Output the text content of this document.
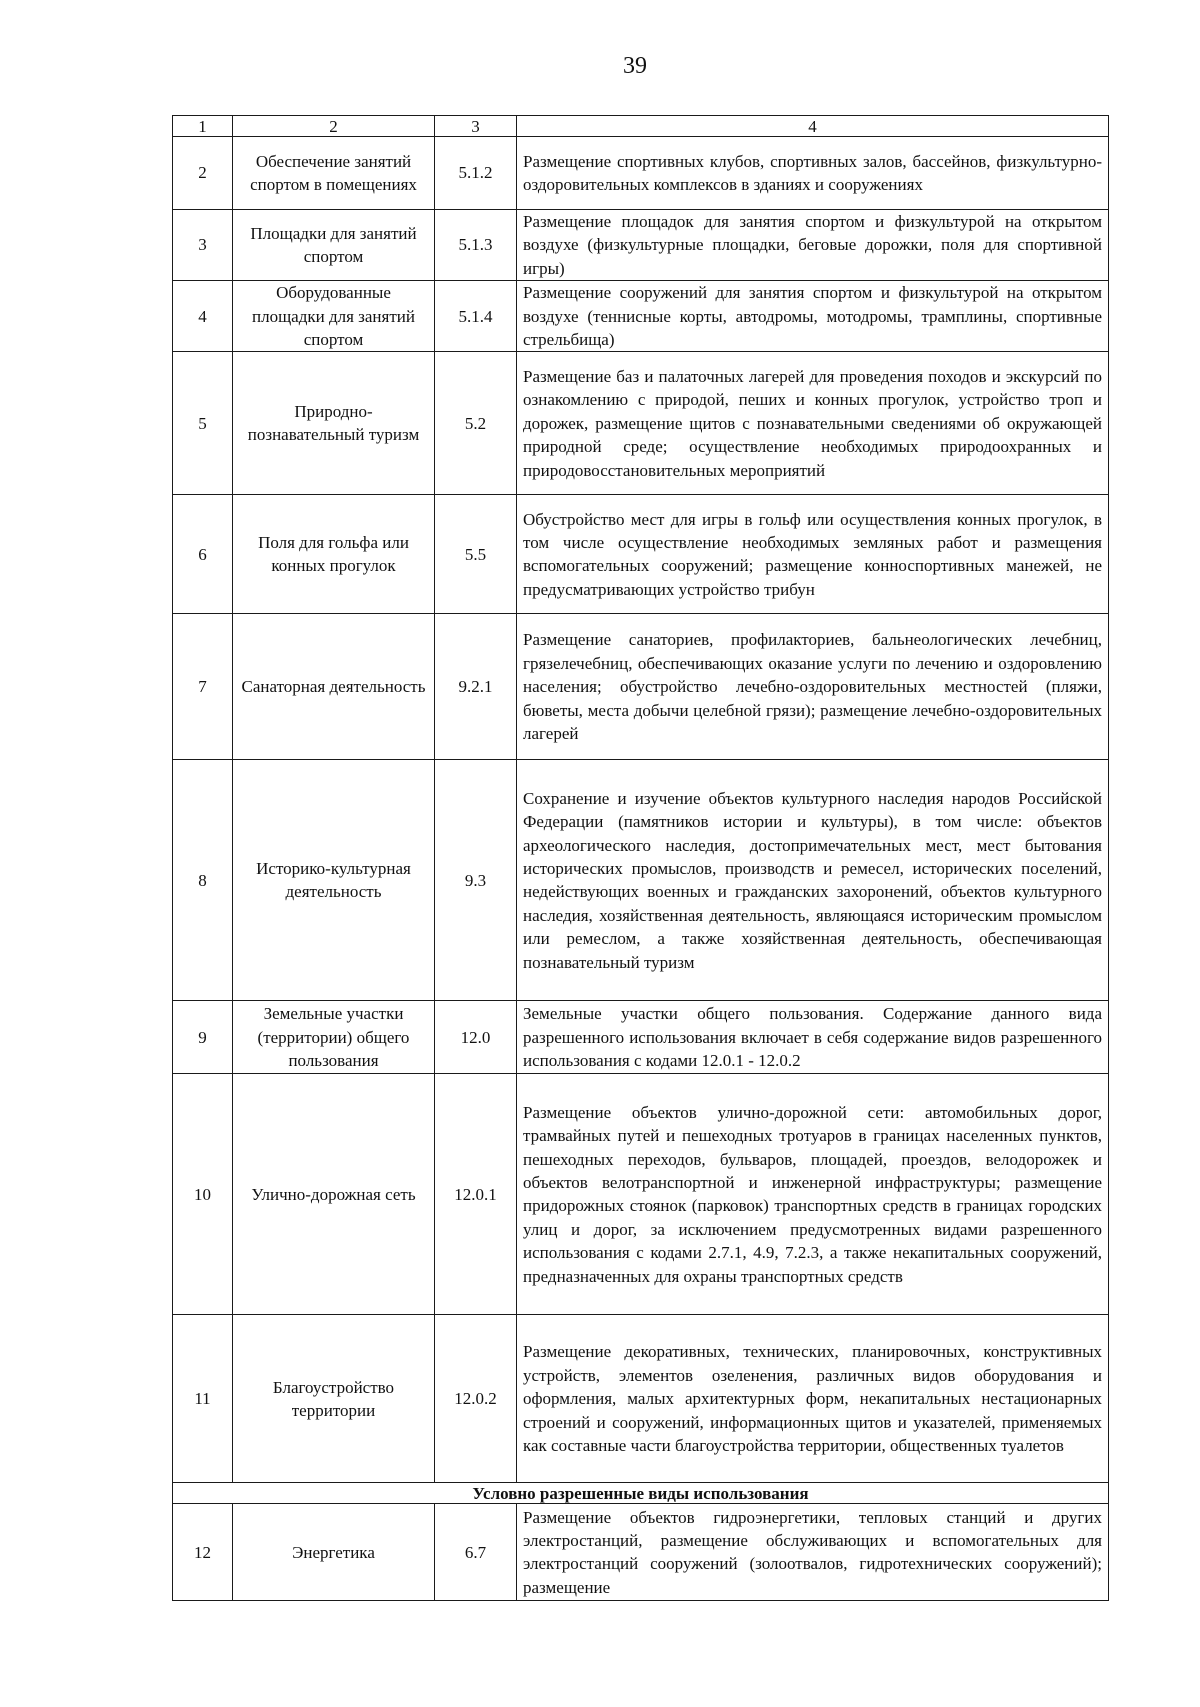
39
1	2	3	4
2	Обеспечение занятий спортом в помещениях	5.1.2	Размещение спортивных клубов, спортивных залов, бассейнов, физкультурно-оздоровительных комплексов в зданиях и сооружениях
3	Площадки для занятий спортом	5.1.3	Размещение площадок для занятия спортом и физкультурой на открытом воздухе (физкультурные площадки, беговые дорожки, поля для спортивной игры)
4	Оборудованные площадки для занятий спортом	5.1.4	Размещение сооружений для занятия спортом и физкультурой на открытом воздухе (теннисные корты, автодромы, мотодромы, трамплины, спортивные стрельбища)
5	Природно-познавательный туризм	5.2	Размещение баз и палаточных лагерей для проведения походов и экскурсий по ознакомлению с природой, пеших и конных прогулок, устройство троп и дорожек, размещение щитов с познавательными сведениями об окружающей природной среде; осуществление необходимых природоохранных и природовосстановительных мероприятий
6	Поля для гольфа или конных прогулок	5.5	Обустройство мест для игры в гольф или осуществления конных прогулок, в том числе осуществление необходимых земляных работ и размещения вспомогательных сооружений; размещение конноспортивных манежей, не предусматривающих устройство трибун
7	Санаторная деятельность	9.2.1	Размещение санаториев, профилакториев, бальнеологических лечебниц, грязелечебниц, обеспечивающих оказание услуги по лечению и оздоровлению населения; обустройство лечебно-оздоровительных местностей (пляжи, бюветы, места добычи целебной грязи); размещение лечебно-оздоровительных лагерей
8	Историко-культурная деятельность	9.3	Сохранение и изучение объектов культурного наследия народов Российской Федерации (памятников истории и культуры), в том числе: объектов археологического наследия, достопримечательных мест, мест бытования исторических промыслов, производств и ремесел, исторических поселений, недействующих военных и гражданских захоронений, объектов культурного наследия, хозяйственная деятельность, являющаяся историческим промыслом или ремеслом, а также хозяйственная деятельность, обеспечивающая познавательный туризм
9	Земельные участки (территории) общего пользования	12.0	Земельные участки общего пользования. Содержание данного вида разрешенного использования включает в себя содержание видов разрешенного использования с кодами 12.0.1 - 12.0.2
10	Улично-дорожная сеть	12.0.1	Размещение объектов улично-дорожной сети: автомобильных дорог, трамвайных путей и пешеходных тротуаров в границах населенных пунктов, пешеходных переходов, бульваров, площадей, проездов, велодорожек и объектов велотранспортной и инженерной инфраструктуры; размещение придорожных стоянок (парковок) транспортных средств в границах городских улиц и дорог, за исключением предусмотренных видами разрешенного использования с кодами 2.7.1, 4.9, 7.2.3, а также некапитальных сооружений, предназначенных для охраны транспортных средств
11	Благоустройство территории	12.0.2	Размещение декоративных, технических, планировочных, конструктивных устройств, элементов озеленения, различных видов оборудования и оформления, малых архитектурных форм, некапитальных нестационарных строений и сооружений, информационных щитов и указателей, применяемых как составные части благоустройства территории, общественных туалетов
Условно разрешенные виды использования			
12	Энергетика	6.7	Размещение объектов гидроэнергетики, тепловых станций и других электростанций, размещение обслуживающих и вспомогательных для электростанций сооружений (золоотвалов, гидротехнических сооружений); размещение
